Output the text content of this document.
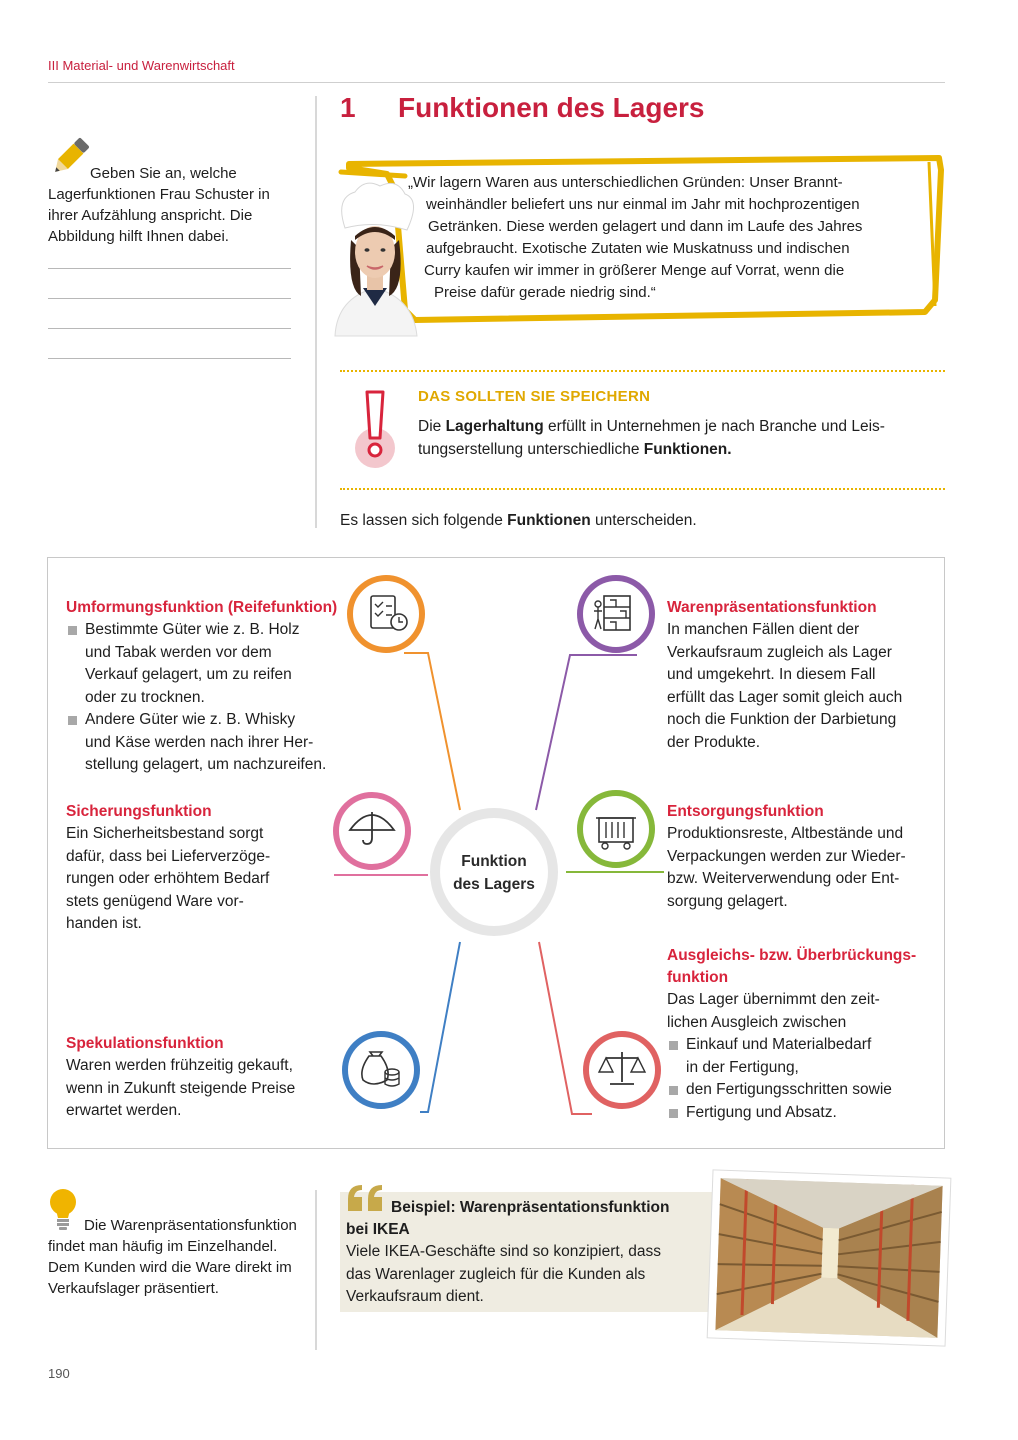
III Material- und Warenwirtschaft
Geben Sie an, welche Lagerfunktionen Frau Schuster in ihrer Aufzählung anspricht. Die Abbildung hilft Ihnen dabei.
1 Funktionen des Lagers
„Wir lagern Waren aus unterschiedlichen Gründen: Unser Brannt-
weinhändler beliefert uns nur einmal im Jahr mit hochprozentigen
Getränken. Diese werden gelagert und dann im Laufe des Jahres
aufgebraucht. Exotische Zutaten wie Muskatnuss und indischen
Curry kaufen wir immer in größerer Menge auf Vorrat, wenn die
Preise dafür gerade niedrig sind.“
DAS SOLLTEN SIE SPEICHERN
Die Lagerhaltung erfüllt in Unternehmen je nach Branche und Leis-
tungserstellung unterschiedliche Funktionen.
Es lassen sich folgende Funktionen unterscheiden.
Funktion
des Lagers
Umformungsfunktion (Reifefunktion)
Bestimmte Güter wie z. B. Holz
und Tabak werden vor dem
Verkauf gelagert, um zu reifen
oder zu trocknen.
Andere Güter wie z. B. Whisky
und Käse werden nach ihrer Her-
stellung gelagert, um nachzureifen.
Sicherungsfunktion
Ein Sicherheitsbestand sorgt
dafür, dass bei Lieferverzöge-
rungen oder erhöhtem Bedarf
stets genügend Ware vor-
handen ist.
Spekulationsfunktion
Waren werden frühzeitig gekauft,
wenn in Zukunft steigende Preise
erwartet werden.
Warenpräsentationsfunktion
In manchen Fällen dient der
Verkaufsraum zugleich als Lager
und umgekehrt. In diesem Fall
erfüllt das Lager somit gleich auch
noch die Funktion der Darbietung
der Produkte.
Entsorgungsfunktion
Produktionsreste, Altbestände und
Verpackungen werden zur Wieder-
bzw. Weiterverwendung oder Ent-
sorgung gelagert.
Ausgleichs- bzw. Überbrückungs-
funktion
Das Lager übernimmt den zeit-
lichen Ausgleich zwischen
Einkauf und Materialbedarf
in der Fertigung,
den Fertigungsschritten sowie
Fertigung und Absatz.
Die Warenpräsentationsfunktion findet man häufig im Einzelhandel. Dem Kunden wird die Ware direkt im Verkaufslager präsentiert.
Beispiel: Warenpräsentationsfunktion
bei IKEA
Viele IKEA-Geschäfte sind so konzipiert, dass
das Warenlager zugleich für die Kunden als
Verkaufsraum dient.
190
